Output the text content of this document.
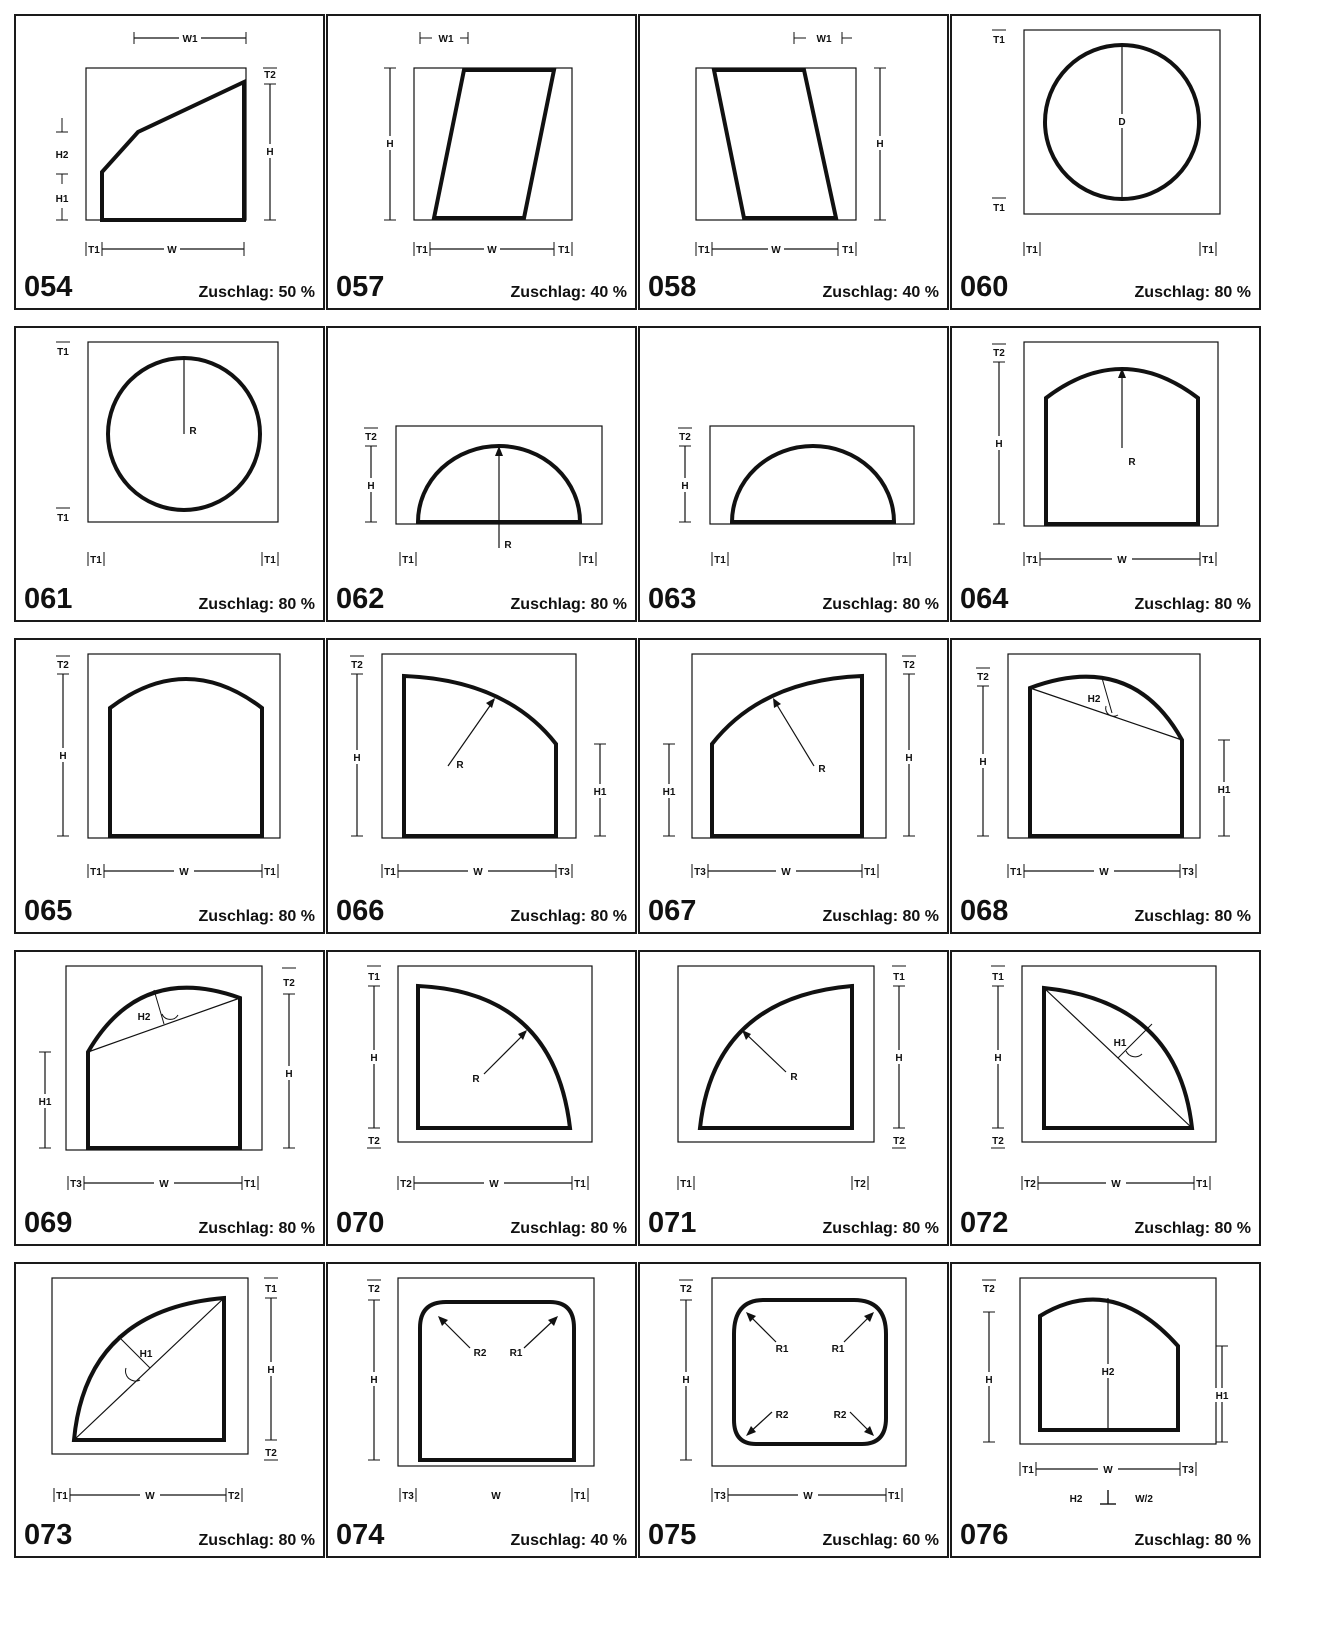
W1
T2
H
H2
H1
T1	W
054	Zuschlag: 50 %
W1
H
T1	W	T1
057	Zuschlag: 40 %
W1
H
T1	W	T1
058	Zuschlag: 40 %
D
T1
T1
T1	T1
060	Zuschlag: 80 %
R
T1
T1
T1	T1
061	Zuschlag: 80 %
R
T2
H
T1	T1
062	Zuschlag: 80 %
T2
H
T1	T1
063	Zuschlag: 80 %
R
T2
H
T1	W	T1
064	Zuschlag: 80 %
T2
H
T1	W	T1
065	Zuschlag: 80 %
R
T2
H
H1
T1	W	T3
066	Zuschlag: 80 %
R
T2
H
H1
T3	W	T1
067	Zuschlag: 80 %
H2
T2
H
H1
T1	W	T3
068	Zuschlag: 80 %
H2
T2
H
H1
T3	W	T1
069	Zuschlag: 80 %
R
T1
H
T2
T2	W	T1
070	Zuschlag: 80 %
R
T1
H
T2
T1	T2
071	Zuschlag: 80 %
H1
T1
H
T2
T2	W	T1
072	Zuschlag: 80 %
H1
T1
H
T2
T1	W	T2
073	Zuschlag: 80 %
R2 R1
T2
H
T3	W	T1
074	Zuschlag: 40 %
R1	R1
R2	R2
T2
H
T3	W	T1
075	Zuschlag: 60 %
H2
T2
H
H1
T1	W	T3
H2	W/2
076	Zuschlag: 80 %
